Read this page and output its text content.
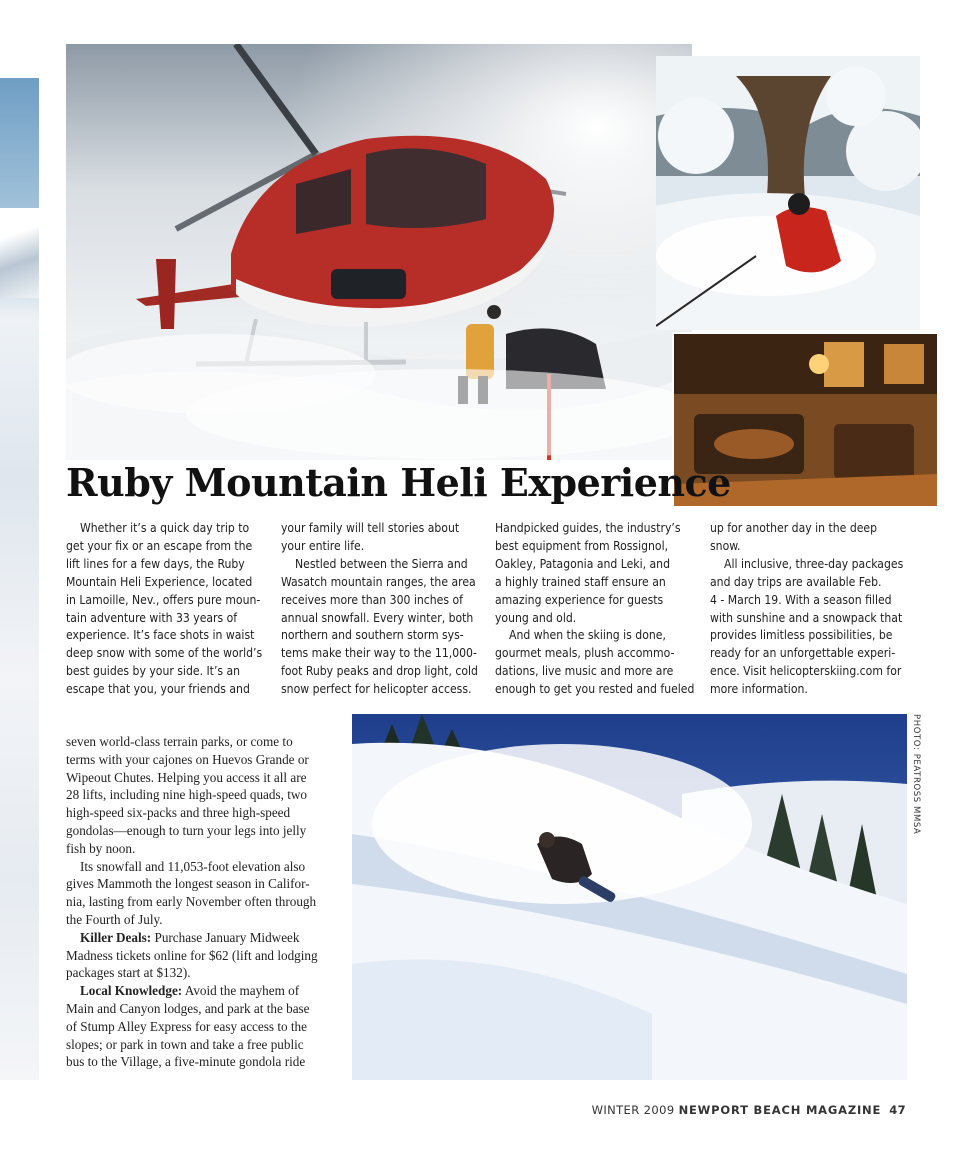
Ruby Mountain Heli Experience

Whether it’s a quick day trip to

get your fix or an escape from the

lift lines for a few days, the Ruby

Mountain Heli Experience, located

in Lamoille, Nev., offers pure moun-

tain adventure with 33 years of

experience. It’s face shots in waist

deep snow with some of the world’s

best guides by your side. It’s an

escape that you, your friends and

your family will tell stories about

your entire life.

Nestled between the Sierra and

Wasatch mountain ranges, the area

receives more than 300 inches of

annual snowfall. Every winter, both

northern and southern storm sys-

tems make their way to the 11,000-

foot Ruby peaks and drop light, cold

snow perfect for helicopter access.

Handpicked guides, the industry’s

best equipment from Rossignol,

Oakley, Patagonia and Leki, and

a highly trained staff ensure an

amazing experience for guests

young and old.

And when the skiing is done,

gourmet meals, plush accommo-

dations, live music and more are

enough to get you rested and fueled

up for another day in the deep

snow.

All inclusive, three-day packages

and day trips are available Feb.

4 - March 19. With a season filled

with sunshine and a snowpack that

provides limitless possibilities, be

ready for an unforgettable experi-

ence. Visit helicopterskiing.com for

more information.

seven world-class terrain parks, or come to

terms with your cajones on Huevos Grande or

Wipeout Chutes. Helping you access it all are

28 lifts, including nine high-speed quads, two

high-speed six-packs and three high-speed

gondolas—enough to turn your legs into jelly

fish by noon.

Its snowfall and 11,053-foot elevation also

gives Mammoth the longest season in Califor-

nia, lasting from early November often through

the Fourth of July.

Killer Deals: Purchase January Midweek

Madness tickets online for $62 (lift and lodging

packages start at $132).

Local Knowledge: Avoid the mayhem of

Main and Canyon lodges, and park at the base

of Stump Alley Express for easy access to the

slopes; or park in town and take a free public

bus to the Village, a five-minute gondola ride

PHOTO: PEATROSS MMSA
WINTER 2009 NEWPORT BEACH MAGAZINE 47
